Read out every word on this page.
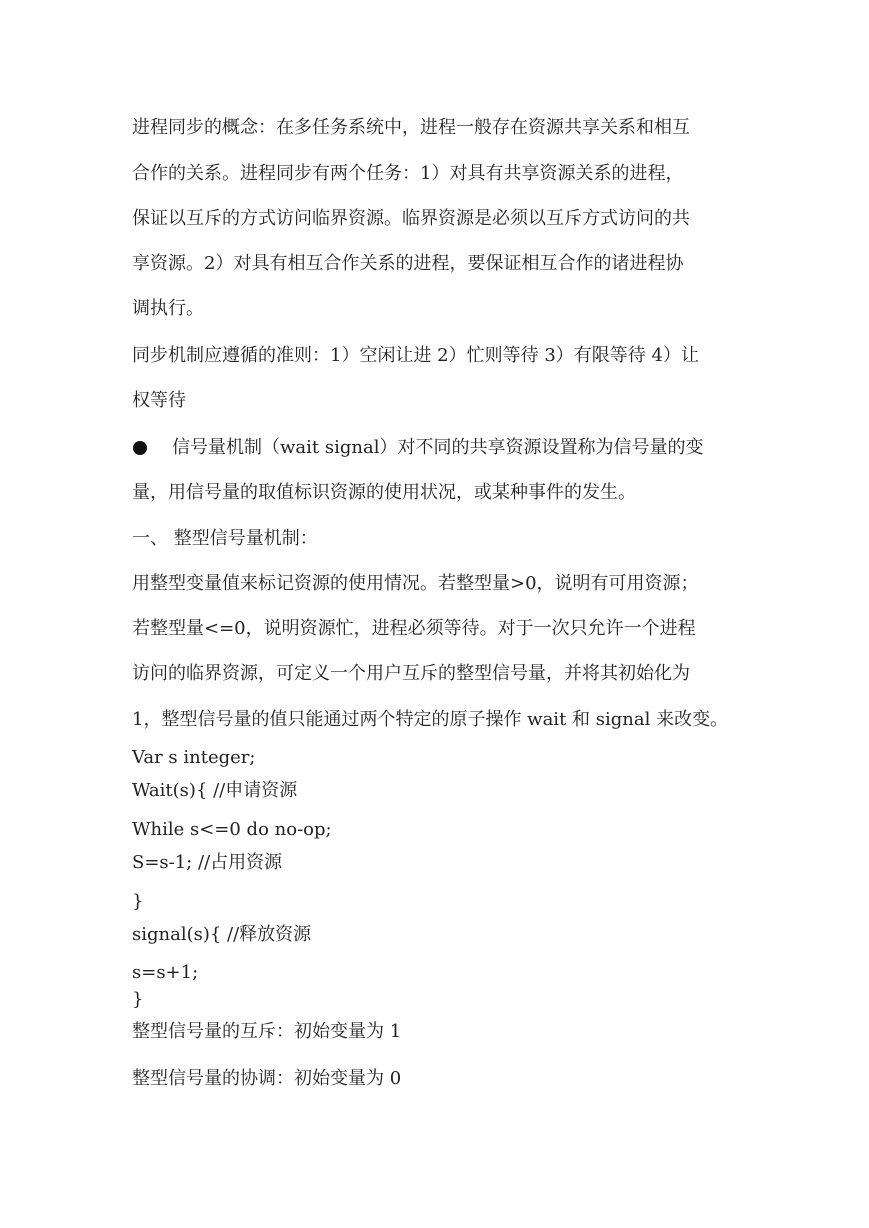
进程同步的概念：在多任务系统中，进程一般存在资源共享关系和相互
合作的关系。进程同步有两个任务：1）对具有共享资源关系的进程，
保证以互斥的方式访问临界资源。临界资源是必须以互斥方式访问的共
享资源。2）对具有相互合作关系的进程，要保证相互合作的诸进程协
调执行。
同步机制应遵循的准则：1）空闲让进 2）忙则等待 3）有限等待 4）让
权等待
信号量机制（wait signal）对不同的共享资源设置称为信号量的变
量，用信号量的取值标识资源的使用状况，或某种事件的发生。
一、 整型信号量机制：
用整型变量值来标记资源的使用情况。若整型量>0，说明有可用资源；
若整型量<=0，说明资源忙，进程必须等待。对于一次只允许一个进程
访问的临界资源，可定义一个用户互斥的整型信号量，并将其初始化为
1，整型信号量的值只能通过两个特定的原子操作 wait 和 signal 来改变。
Var s integer;
Wait(s){ //申请资源
While s<=0 do no-op;
S=s-1; //占用资源
}
signal(s){ //释放资源
s=s+1;
}
整型信号量的互斥：初始变量为 1
整型信号量的协调：初始变量为 0
